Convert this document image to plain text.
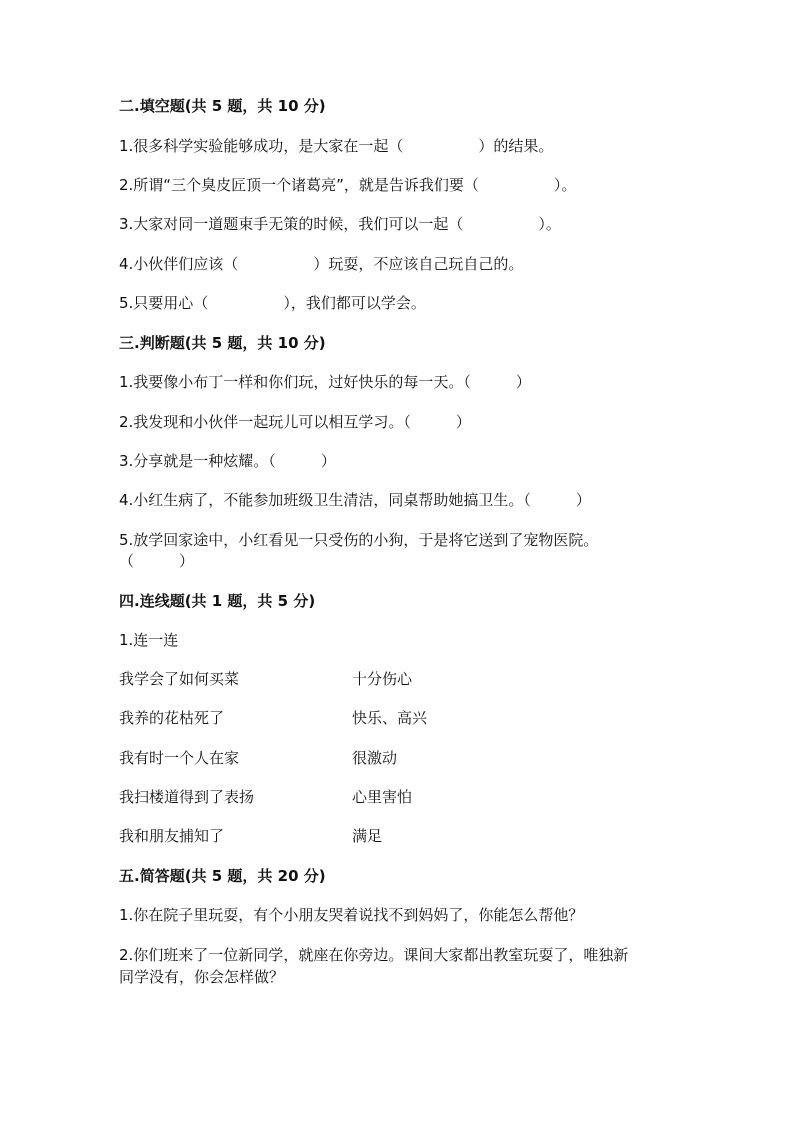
二.填空题(共 5 题，共 10 分)
1.很多科学实验能够成功，是大家在一起（　　　　　）的结果。
2.所谓“三个臭皮匠顶一个诸葛亮”，就是告诉我们要（　　　　　）。
3.大家对同一道题束手无策的时候，我们可以一起（　　　　　）。
4.小伙伴们应该（　　　　　）玩耍，不应该自己玩自己的。
5.只要用心（　　　　　），我们都可以学会。
三.判断题(共 5 题，共 10 分)
1.我要像小布丁一样和你们玩，过好快乐的每一天。（　　　）
2.我发现和小伙伴一起玩儿可以相互学习。（　　　）
3.分享就是一种炫耀。（　　　）
4.小红生病了，不能参加班级卫生清洁，同桌帮助她搞卫生。（　　　）
5.放学回家途中，小红看见一只受伤的小狗，于是将它送到了宠物医院。
（　　　）
四.连线题(共 1 题，共 5 分)
1.连一连
我学会了如何买菜	十分伤心
我养的花枯死了	快乐、高兴
我有时一个人在家	很激动
我扫楼道得到了表扬	心里害怕
我和朋友捕知了	满足
五.简答题(共 5 题，共 20 分)
1.你在院子里玩耍，有个小朋友哭着说找不到妈妈了，你能怎么帮他？
2.你们班来了一位新同学，就座在你旁边。课间大家都出教室玩耍了，唯独新
同学没有，你会怎样做？
